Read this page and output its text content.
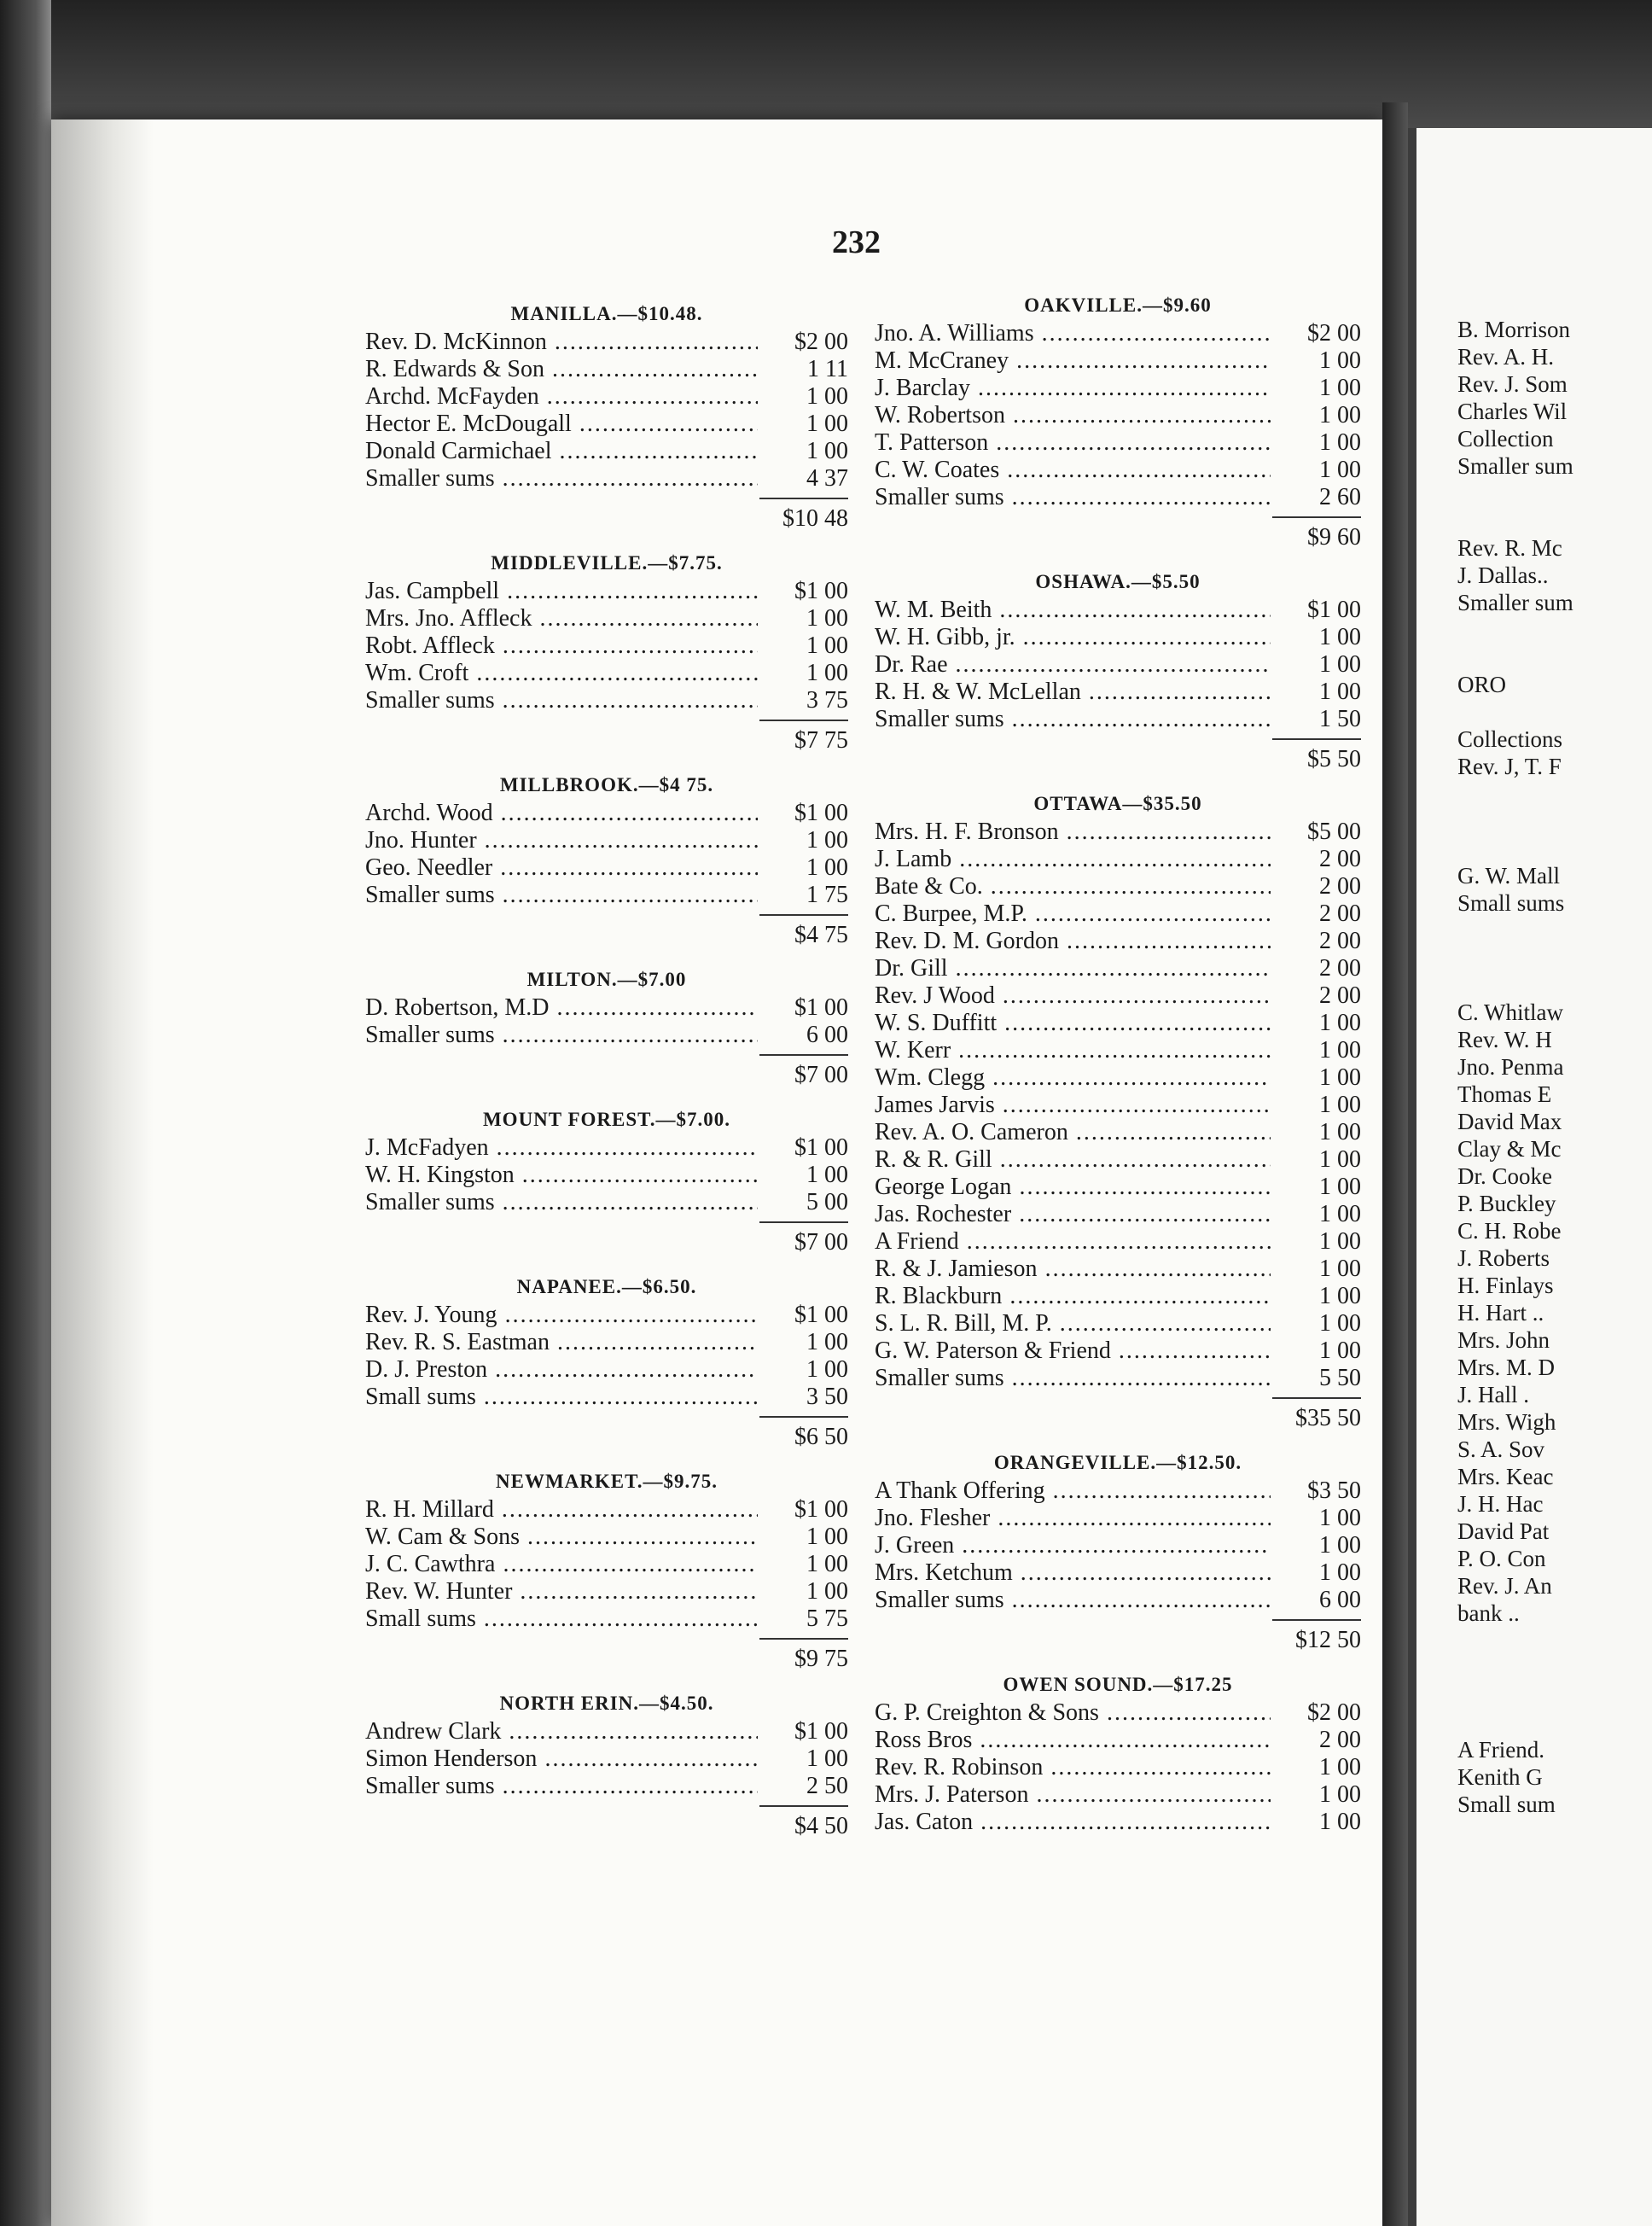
232
MANILLA.—$10.48.
Rev. D. McKinnon .....	$2 00
R. Edwards & Son .....	1 11
Archd. McFayden .....	1 00
Hector E. McDougall .....	1 00
Donald Carmichael .....	1 00
Smaller sums .....	4 37
$10 48
MIDDLEVILLE.—$7.75.
Jas. Campbell .....	$1 00
Mrs. Jno. Affleck .....	1 00
Robt. Affleck .....	1 00
Wm. Croft .....	1 00
Smaller sums .....	3 75
$7 75
MILLBROOK.—$4 75.
Archd. Wood .....	$1 00
Jno. Hunter .....	1 00
Geo. Needler .....	1 00
Smaller sums .....	1 75
$4 75
MILTON.—$7.00
D. Robertson, M.D .....	$1 00
Smaller sums .....	6 00
$7 00
MOUNT FOREST.—$7.00.
J. McFadyen .....	$1 00
W. H. Kingston .....	1 00
Smaller sums .....	5 00
$7 00
NAPANEE.—$6.50.
Rev. J. Young .....	$1 00
Rev. R. S. Eastman .....	1 00
D. J. Preston .....	1 00
Small sums .....	3 50
$6 50
NEWMARKET.—$9.75.
R. H. Millard .....	$1 00
W. Cam & Sons .....	1 00
J. C. Cawthra .....	1 00
Rev. W. Hunter .....	1 00
Small sums .....	5 75
$9 75
NORTH ERIN.—$4.50.
Andrew Clark .....	$1 00
Simon Henderson .....	1 00
Smaller sums .....	2 50
$4 50
OAKVILLE.—$9.60
Jno. A. Williams .....	$2 00
M. McCraney .....	1 00
J. Barclay .....	1 00
W. Robertson .....	1 00
T. Patterson .....	1 00
C. W. Coates .....	1 00
Smaller sums .....	2 60
$9 60
OSHAWA.—$5.50
W. M. Beith .....	$1 00
W. H. Gibb, jr. .....	1 00
Dr. Rae .....	1 00
R. H. & W. McLellan .....	1 00
Smaller sums .....	1 50
$5 50
OTTAWA—$35.50
Mrs. H. F. Bronson .....	$5 00
J. Lamb .....	2 00
Bate & Co. .....	2 00
C. Burpee, M.P. .....	2 00
Rev. D. M. Gordon .....	2 00
Dr. Gill .....	2 00
Rev. J Wood .....	2 00
W. S. Duffitt .....	1 00
W. Kerr .....	1 00
Wm. Clegg .....	1 00
James Jarvis .....	1 00
Rev. A. O. Cameron .....	1 00
R. & R. Gill .....	1 00
George Logan .....	1 00
Jas. Rochester .....	1 00
A Friend .....	1 00
R. & J. Jamieson .....	1 00
R. Blackburn .....	1 00
S. L. R. Bill, M. P. .....	1 00
G. W. Paterson & Friend .....	1 00
Smaller sums .....	5 50
$35 50
ORANGEVILLE.—$12.50.
A Thank Offering .....	$3 50
Jno. Flesher .....	1 00
J. Green .....	1 00
Mrs. Ketchum .....	1 00
Smaller sums .....	6 00
$12 50
OWEN SOUND.—$17.25
G. P. Creighton & Sons .....	$2 00
Ross Bros .....	2 00
Rev. R. Robinson .....	1 00
Mrs. J. Paterson .....	1 00
Jas. Caton .....	1 00
B. Morrison
Rev. A. H.
Rev. J. Som
Charles Wil
Collection
Smaller sum

Rev. R. Mc
J. Dallas..
Smaller sum

ORO

Collections
Rev. J, T. F

G. W. Mall
Small sums

C. Whitlaw
Rev. W. H
Jno. Penma
Thomas E
David Max
Clay & Mc
Dr. Cooke
P. Buckley
C. H. Robe
J. Roberts
H. Finlays
H. Hart ..
Mrs. John
Mrs. M. D
J. Hall .
Mrs. Wigh
S. A. Sov
Mrs. Keac
J. H. Hac
David Pat
P. O. Con
Rev. J. An
bank ..

A Friend.
Kenith G
Small sum
